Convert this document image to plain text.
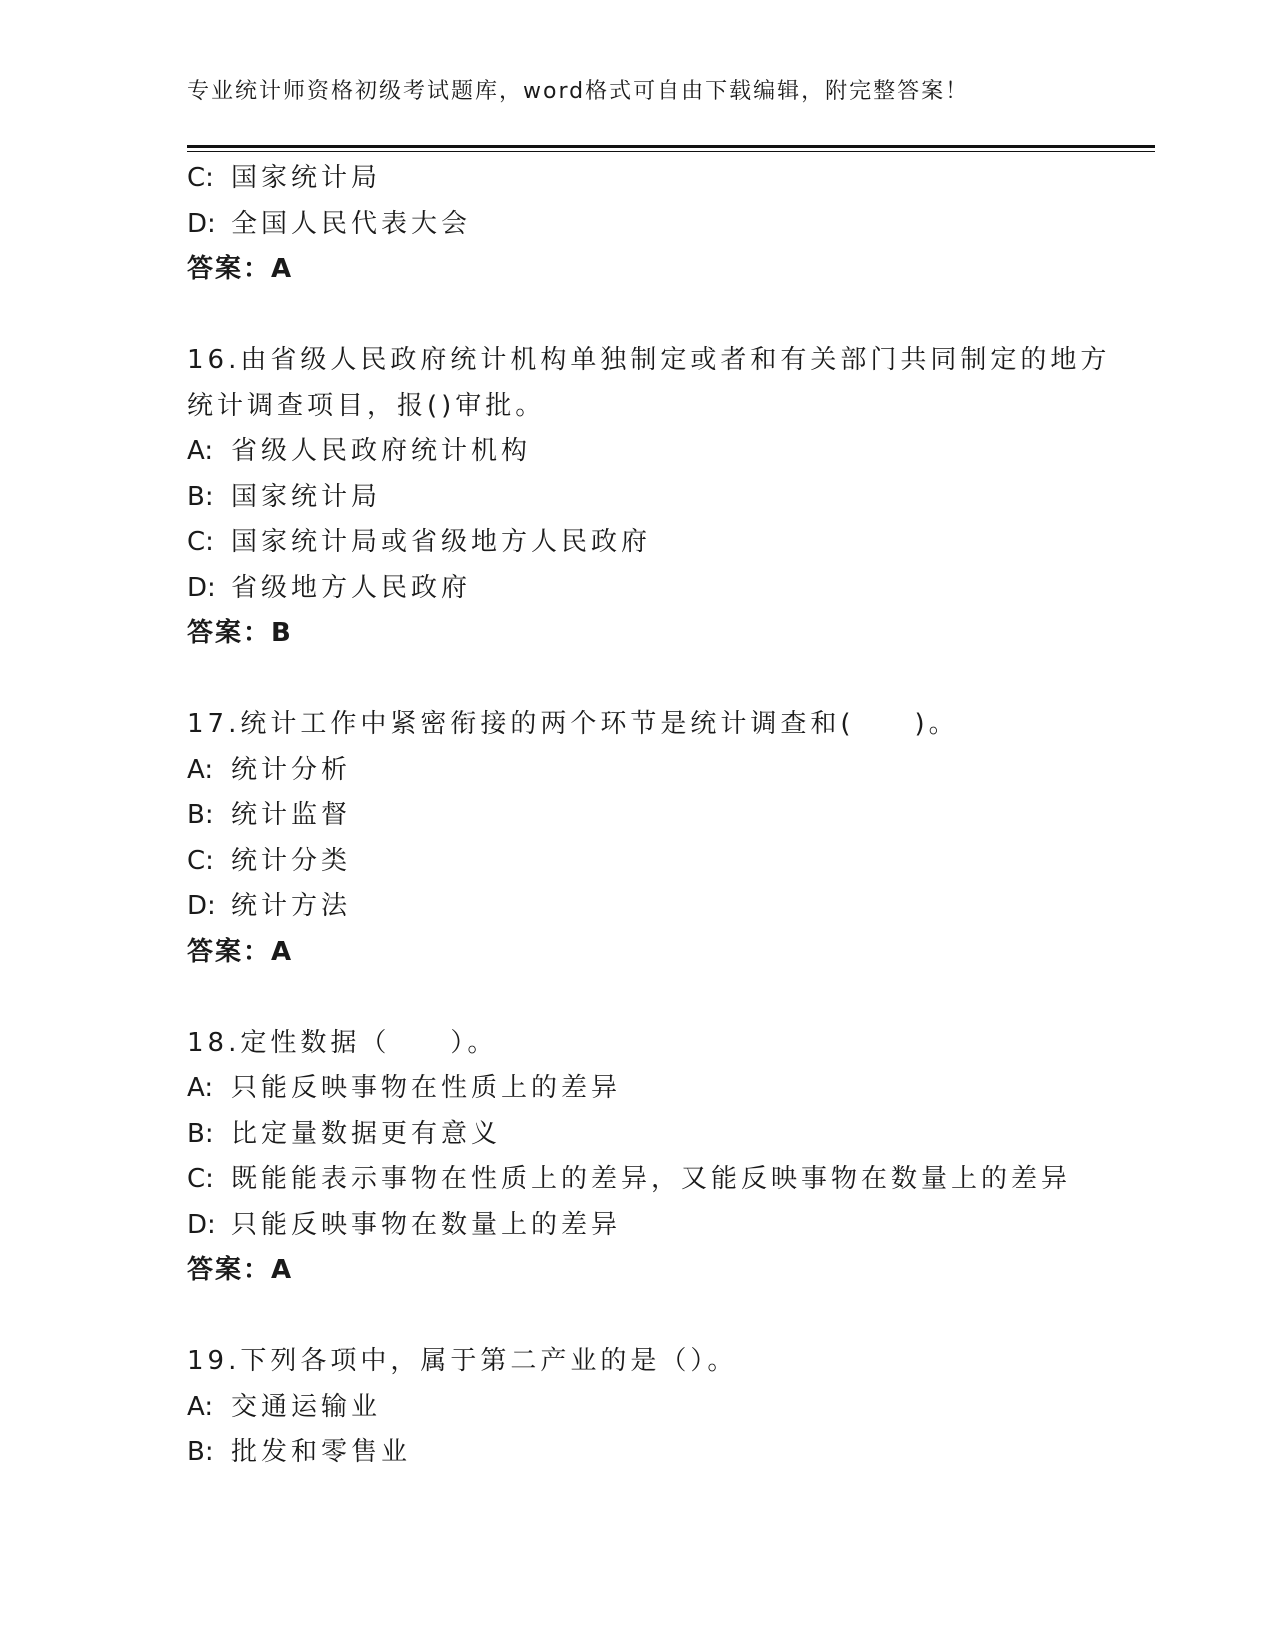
专业统计师资格初级考试题库，word格式可自由下载编辑，附完整答案！
C: 国家统计局
D: 全国人民代表大会
答案：A
16.由省级人民政府统计机构单独制定或者和有关部门共同制定的地方
统计调查项目，报()审批。
A: 省级人民政府统计机构
B: 国家统计局
C: 国家统计局或省级地方人民政府
D: 省级地方人民政府
答案：B
17.统计工作中紧密衔接的两个环节是统计调查和(　　)。
A: 统计分析
B: 统计监督
C: 统计分类
D: 统计方法
答案：A
18.定性数据（　　）。
A: 只能反映事物在性质上的差异
B: 比定量数据更有意义
C: 既能能表示事物在性质上的差异，又能反映事物在数量上的差异
D: 只能反映事物在数量上的差异
答案：A
19.下列各项中，属于第二产业的是（）。
A: 交通运输业
B: 批发和零售业
